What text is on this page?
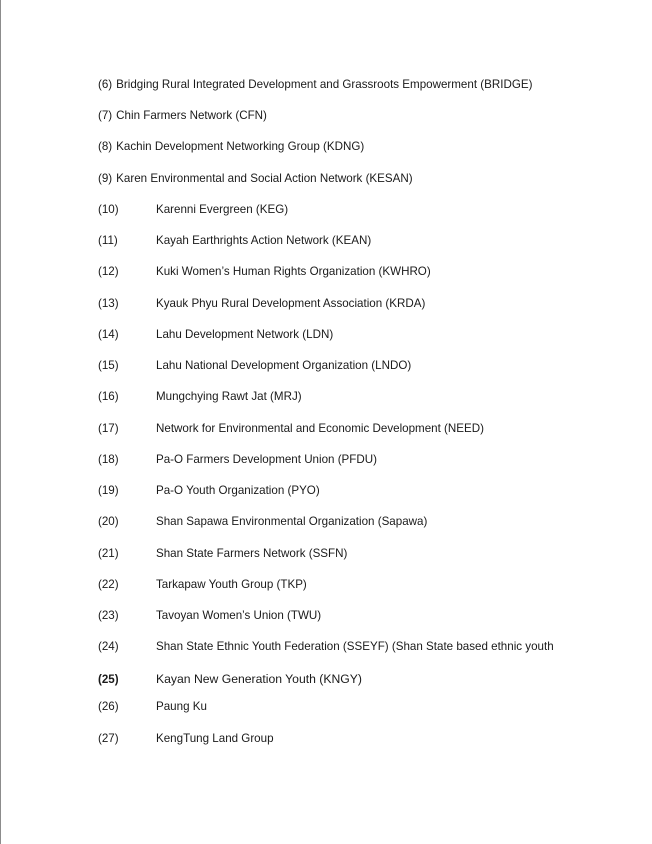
(6) Bridging Rural Integrated Development and Grassroots Empowerment (BRIDGE)
(7) Chin Farmers Network (CFN)
(8) Kachin Development Networking Group (KDNG)
(9) Karen Environmental and Social Action Network (KESAN)
(10)	Karenni Evergreen (KEG)
(11)	Kayah Earthrights Action Network (KEAN)
(12)	Kuki Women’s Human Rights Organization (KWHRO)
(13)	Kyauk Phyu Rural Development Association (KRDA)
(14)	Lahu Development Network (LDN)
(15)	Lahu National Development Organization (LNDO)
(16)	Mungchying Rawt Jat (MRJ)
(17)	Network for Environmental and Economic Development (NEED)
(18)	Pa-O Farmers Development Union (PFDU)
(19)	Pa-O Youth Organization (PYO)
(20)	Shan Sapawa Environmental Organization (Sapawa)
(21)	Shan State Farmers Network (SSFN)
(22)	Tarkapaw Youth Group (TKP)
(23)	Tavoyan Women’s Union (TWU)
(24)	Shan State Ethnic Youth Federation (SSEYF) (Shan State based ethnic youth
(25)	Kayan New Generation Youth (KNGY)
(26)	Paung Ku
(27)	KengTung Land Group
